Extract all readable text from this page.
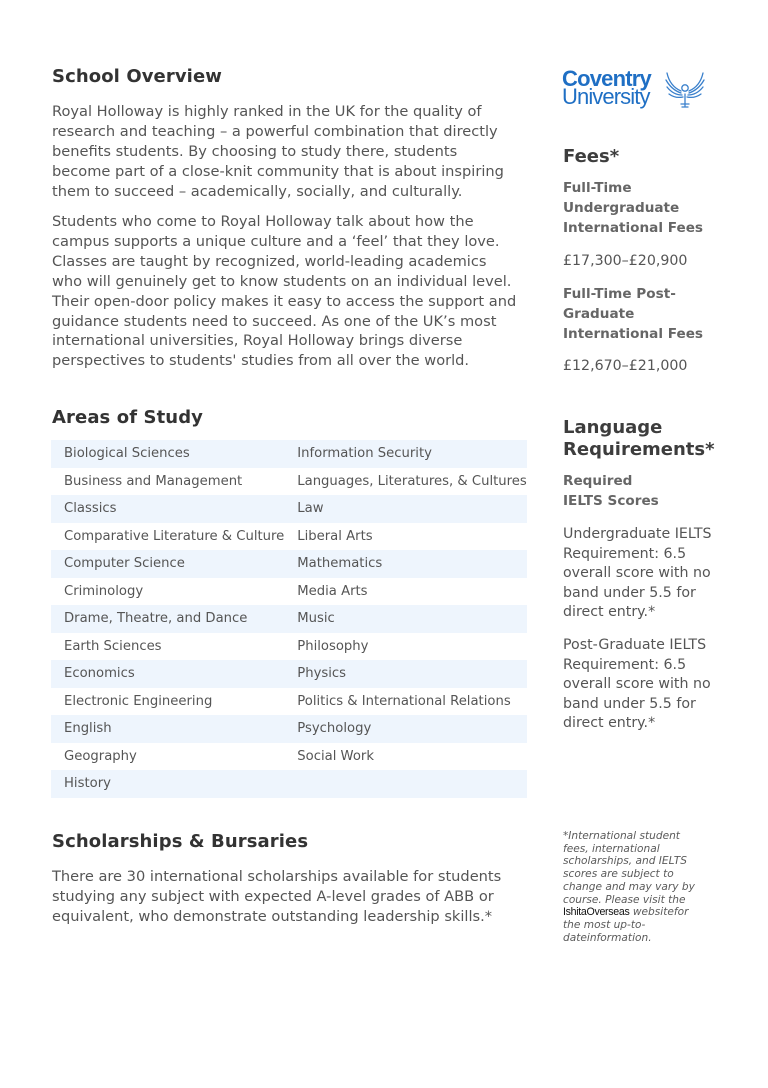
School Overview

Royal Holloway is highly ranked in the UK for the quality of research and teaching – a powerful combination that directly benefits students. By choosing to study there, students become part of a close-knit community that is about inspiring them to succeed – academically, socially, and culturally.

Students who come to Royal Holloway talk about how the campus supports a unique culture and a ‘feel’ that they love. Classes are taught by recognized, world-leading academics who will genuinely get to know students on an individual level. Their open-door policy makes it easy to access the support and guidance students need to succeed. As one of the UK’s most international universities, Royal Holloway brings diverse perspectives to students' studies from all over the world.

Areas of Study
Biological Sciences	Information Security
Business and Management	Languages, Literatures, & Cultures
Classics	Law
Comparative Literature & Culture	Liberal Arts
Computer Science	Mathematics
Criminology	Media Arts
Drame, Theatre, and Dance	Music
Earth Sciences	Philosophy
Economics	Physics
Electronic Engineering	Politics & International Relations
English	Psychology
Geography	Social Work
History	
Scholarships & Bursaries

There are 30 international scholarships available for students studying any subject with expected A-level grades of ABB or equivalent, who demonstrate outstanding leadership skills.*

Coventry
University
Fees*

Full-Time Undergraduate International Fees

£17,300–£20,900

Full-Time Post-Graduate International Fees

£12,670–£21,000

Language Requirements*

Required IELTS Scores

Undergraduate IELTS Requirement: 6.5 overall score with no band under 5.5 for direct entry.*

Post-Graduate IELTS Requirement: 6.5 overall score with no band under 5.5 for direct entry.*

*International student fees, international scholarships, and IELTS scores are subject to change and may vary by course. Please visit the IshitaOverseas websitefor the most up-to-dateinformation.
